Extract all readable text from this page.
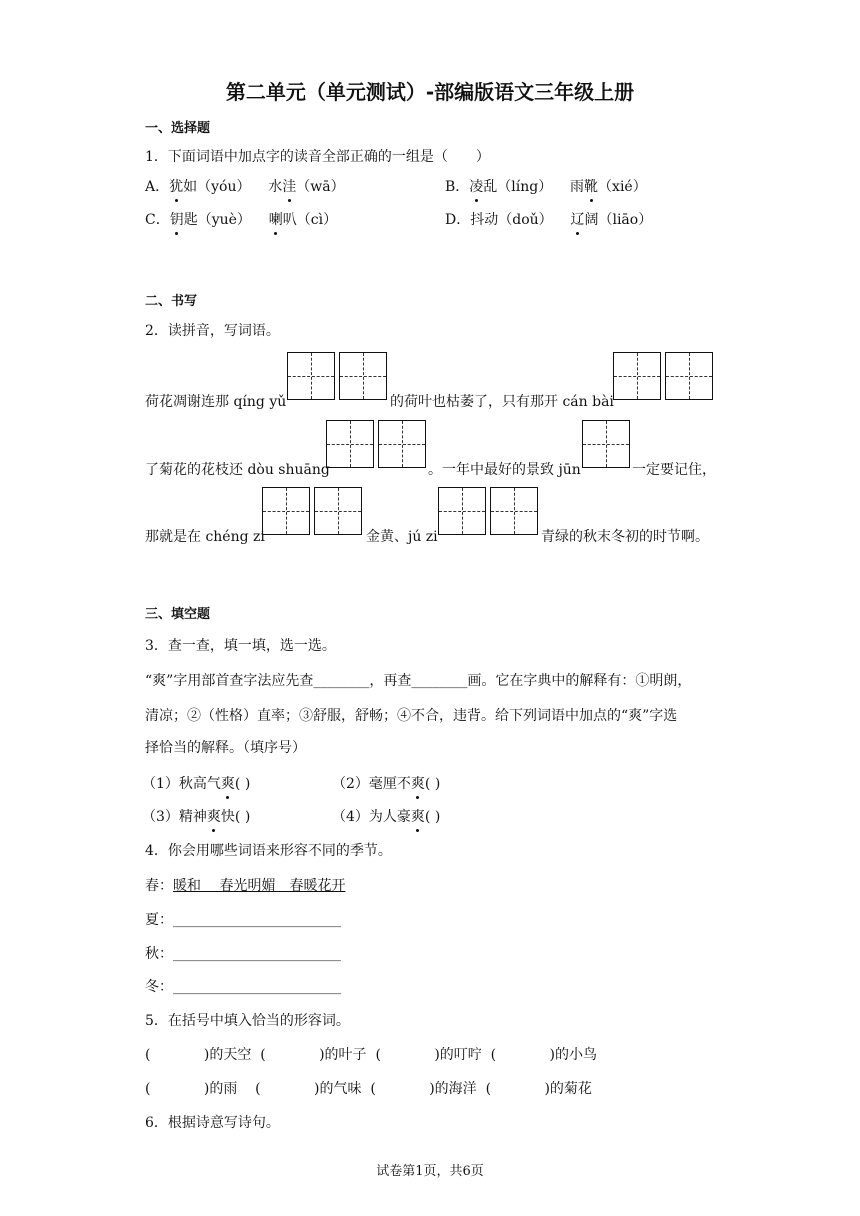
第二单元（单元测试）-部编版语文三年级上册
一、选择题
1．下面词语中加点字的读音全部正确的一组是（　　）
A．犹如（yóu） 水洼（wā）	B．凌乱（líng） 雨靴（xié）
C．钥匙（yuè） 喇叭（cì）	D．抖动（doǔ） 辽阔（liāo）
二、书写
2．读拼音，写词语。
荷花凋谢连那 qíng yǔ	的荷叶也枯萎了，只有那开 cán bài
了菊花的花枝还 dòu shuāng	。一年中最好的景致 jūn	一定要记住，
那就是在 chéng zi	金黄、jú zi	青绿的秋末冬初的时节啊。
三、填空题
3．查一查，填一填，选一选。
“爽”字用部首查字法应先查________，再查________画。它在字典中的解释有：①明朗，
清凉；②（性格）直率；③舒服，舒畅；④不合，违背。给下列词语中加点的“爽”字选
择恰当的解释。（填序号）
（1）秋高气爽( )	（2）毫厘不爽( )
（3）精神爽快( )	（4）为人豪爽( )
4．你会用哪些词语来形容不同的季节。
春：暖和　 春光明媚　春暖花开
夏：________________________
秋：________________________
冬：________________________
5．在括号中填入恰当的形容词。
(            )的天空  (            )的叶子  (            )的叮咛  (            )的小鸟
(            )的雨    (            )的气味  (            )的海洋  (            )的菊花
6．根据诗意写诗句。
试卷第1页，共6页
